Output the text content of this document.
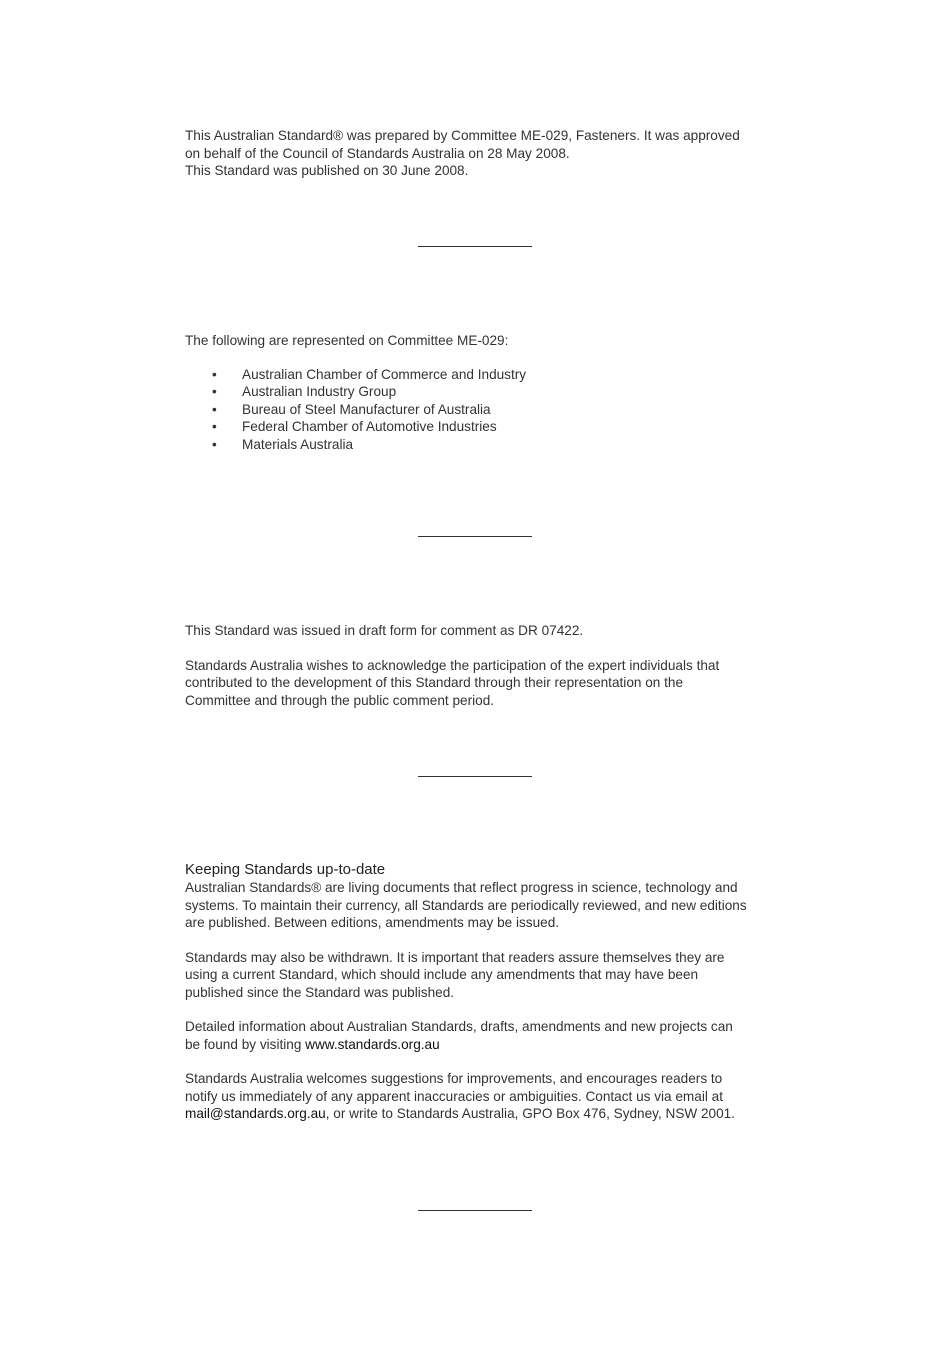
This Australian Standard® was prepared by Committee ME-029, Fasteners. It was approved

on behalf of the Council of Standards Australia on 28 May 2008.

This Standard was published on 30 June 2008.

The following are represented on Committee ME-029:

• Australian Chamber of Commerce and Industry
• Australian Industry Group
• Bureau of Steel Manufacturer of Australia
• Federal Chamber of Automotive Industries
• Materials Australia

This Standard was issued in draft form for comment as DR 07422.

Standards Australia wishes to acknowledge the participation of the expert individuals that

contributed to the development of this Standard through their representation on the

Committee and through the public comment period.

Keeping Standards up-to-date

Australian Standards® are living documents that reflect progress in science, technology and

systems. To maintain their currency, all Standards are periodically reviewed, and new editions

are published. Between editions, amendments may be issued.

Standards may also be withdrawn. It is important that readers assure themselves they are

using a current Standard, which should include any amendments that may have been

published since the Standard was published.

Detailed information about Australian Standards, drafts, amendments and new projects can

be found by visiting www.standards.org.au

Standards Australia welcomes suggestions for improvements, and encourages readers to

notify us immediately of any apparent inaccuracies or ambiguities. Contact us via email at

mail@standards.org.au, or write to Standards Australia, GPO Box 476, Sydney, NSW 2001.
